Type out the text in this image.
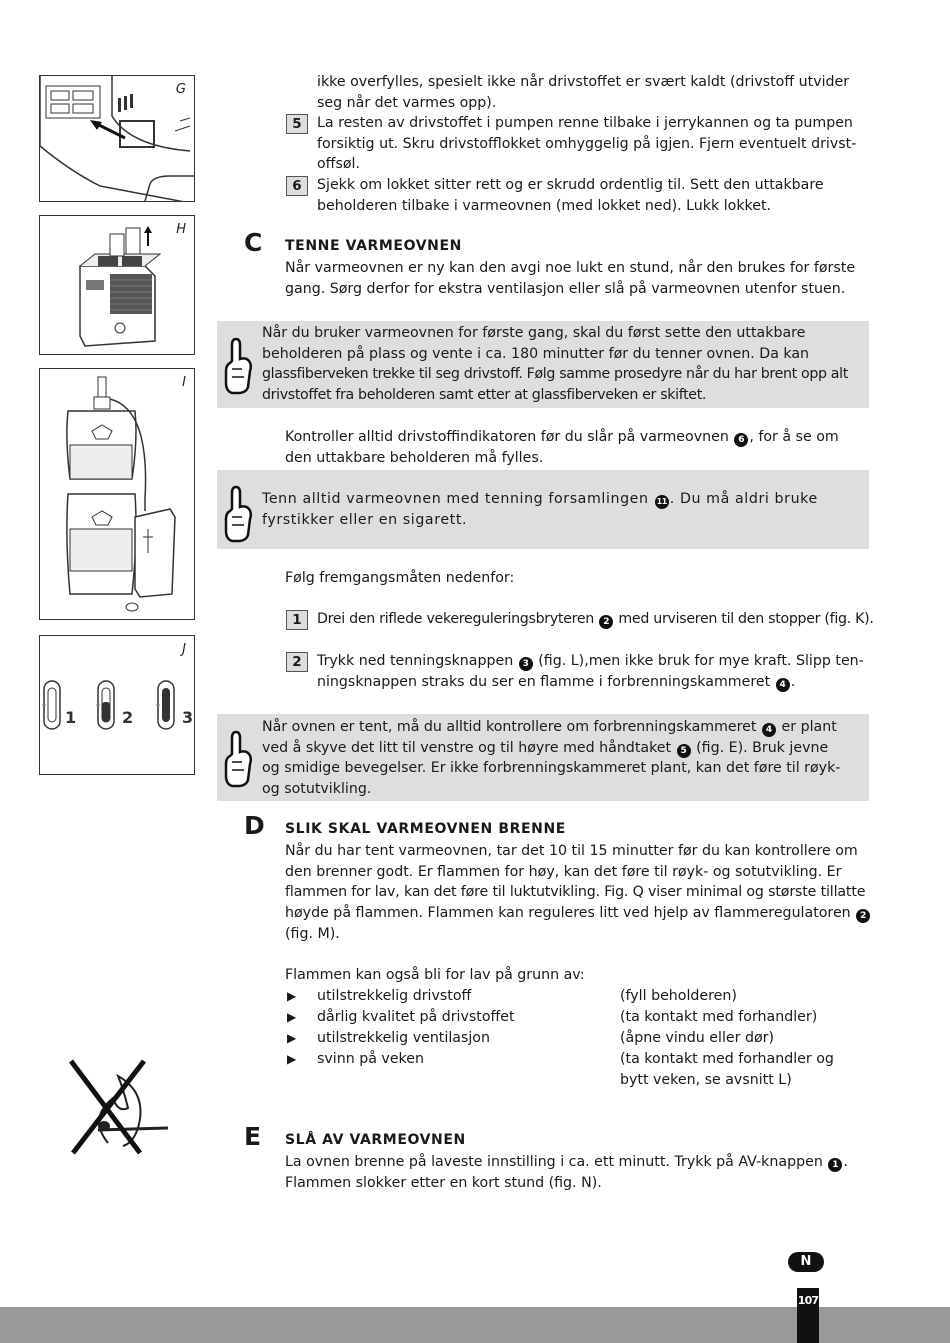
G
H
I
J
1	2	3
ikke overfylles, spesielt ikke når drivstoffet er svært kaldt (drivstoff utvider
seg når det varmes opp).
5	La resten av drivstoffet i pumpen renne tilbake i jerrykannen og ta pumpen
forsiktig ut. Skru drivstofflokket omhyggelig på igjen. Fjern eventuelt drivst-
offsøl.
6	Sjekk om lokket sitter rett og er skrudd ordentlig til. Sett den uttakbare
beholderen tilbake i varmeovnen (med lokket ned). Lukk lokket.
C TENNE VARMEOVNEN
Når varmeovnen er ny kan den avgi noe lukt en stund, når den brukes for første
gang. Sørg derfor for ekstra ventilasjon eller slå på varmeovnen utenfor stuen.
Når du bruker varmeovnen for første gang, skal du først sette den uttakbare
beholderen på plass og vente i ca. 180 minutter før du tenner ovnen. Da kan
glassfiberveken trekke til seg drivstoff. Følg samme prosedyre når du har brent opp alt
drivstoffet fra beholderen samt etter at glassfiberveken er skiftet.
Kontroller alltid drivstoffindikatoren før du slår på varmeovnen 6 , for å se om
den uttakbare beholderen må fylles.
Tenn alltid varmeovnen med tenning forsamlingen 11 . Du må aldri bruke
fyrstikker eller en sigarett.
Følg fremgangsmåten nedenfor:
1	Drei den riflede vekereguleringsbryteren 2 med urviseren til den stopper (fig. K).
2	Trykk ned tenningsknappen 3 (fig. L),men ikke bruk for mye kraft. Slipp ten-
ningsknappen straks du ser en flamme i forbrenningskammeret 4 .
Når ovnen er tent, må du alltid kontrollere om forbrenningskammeret 4 er plant
ved å skyve det litt til venstre og til høyre med håndtaket 5 (fig. E). Bruk jevne
og smidige bevegelser. Er ikke forbrenningskammeret plant, kan det føre til røyk-
og sotutvikling.
D SLIK SKAL VARMEOVNEN BRENNE
Når du har tent varmeovnen, tar det 10 til 15 minutter før du kan kontrollere om
den brenner godt. Er flammen for høy, kan det føre til røyk- og sotutvikling. Er
flammen for lav, kan det føre til luktutvikling. Fig. Q viser minimal og største tillatte
høyde på flammen. Flammen kan reguleres litt ved hjelp av flammeregulatoren 2
(fig. M).
Flammen kan også bli for lav på grunn av:
▶ utilstrekkelig drivstoff	(fyll beholderen)
▶ dårlig kvalitet på drivstoffet	(ta kontakt med forhandler)
▶ utilstrekkelig ventilasjon	(åpne vindu eller dør)
▶ svinn på veken	(ta kontakt med forhandler og
bytt veken, se avsnitt L)
E SLÅ AV VARMEOVNEN
La ovnen brenne på laveste innstilling i ca. ett minutt. Trykk på AV-knappen 1 .
Flammen slokker etter en kort stund (fig. N).
N
107
